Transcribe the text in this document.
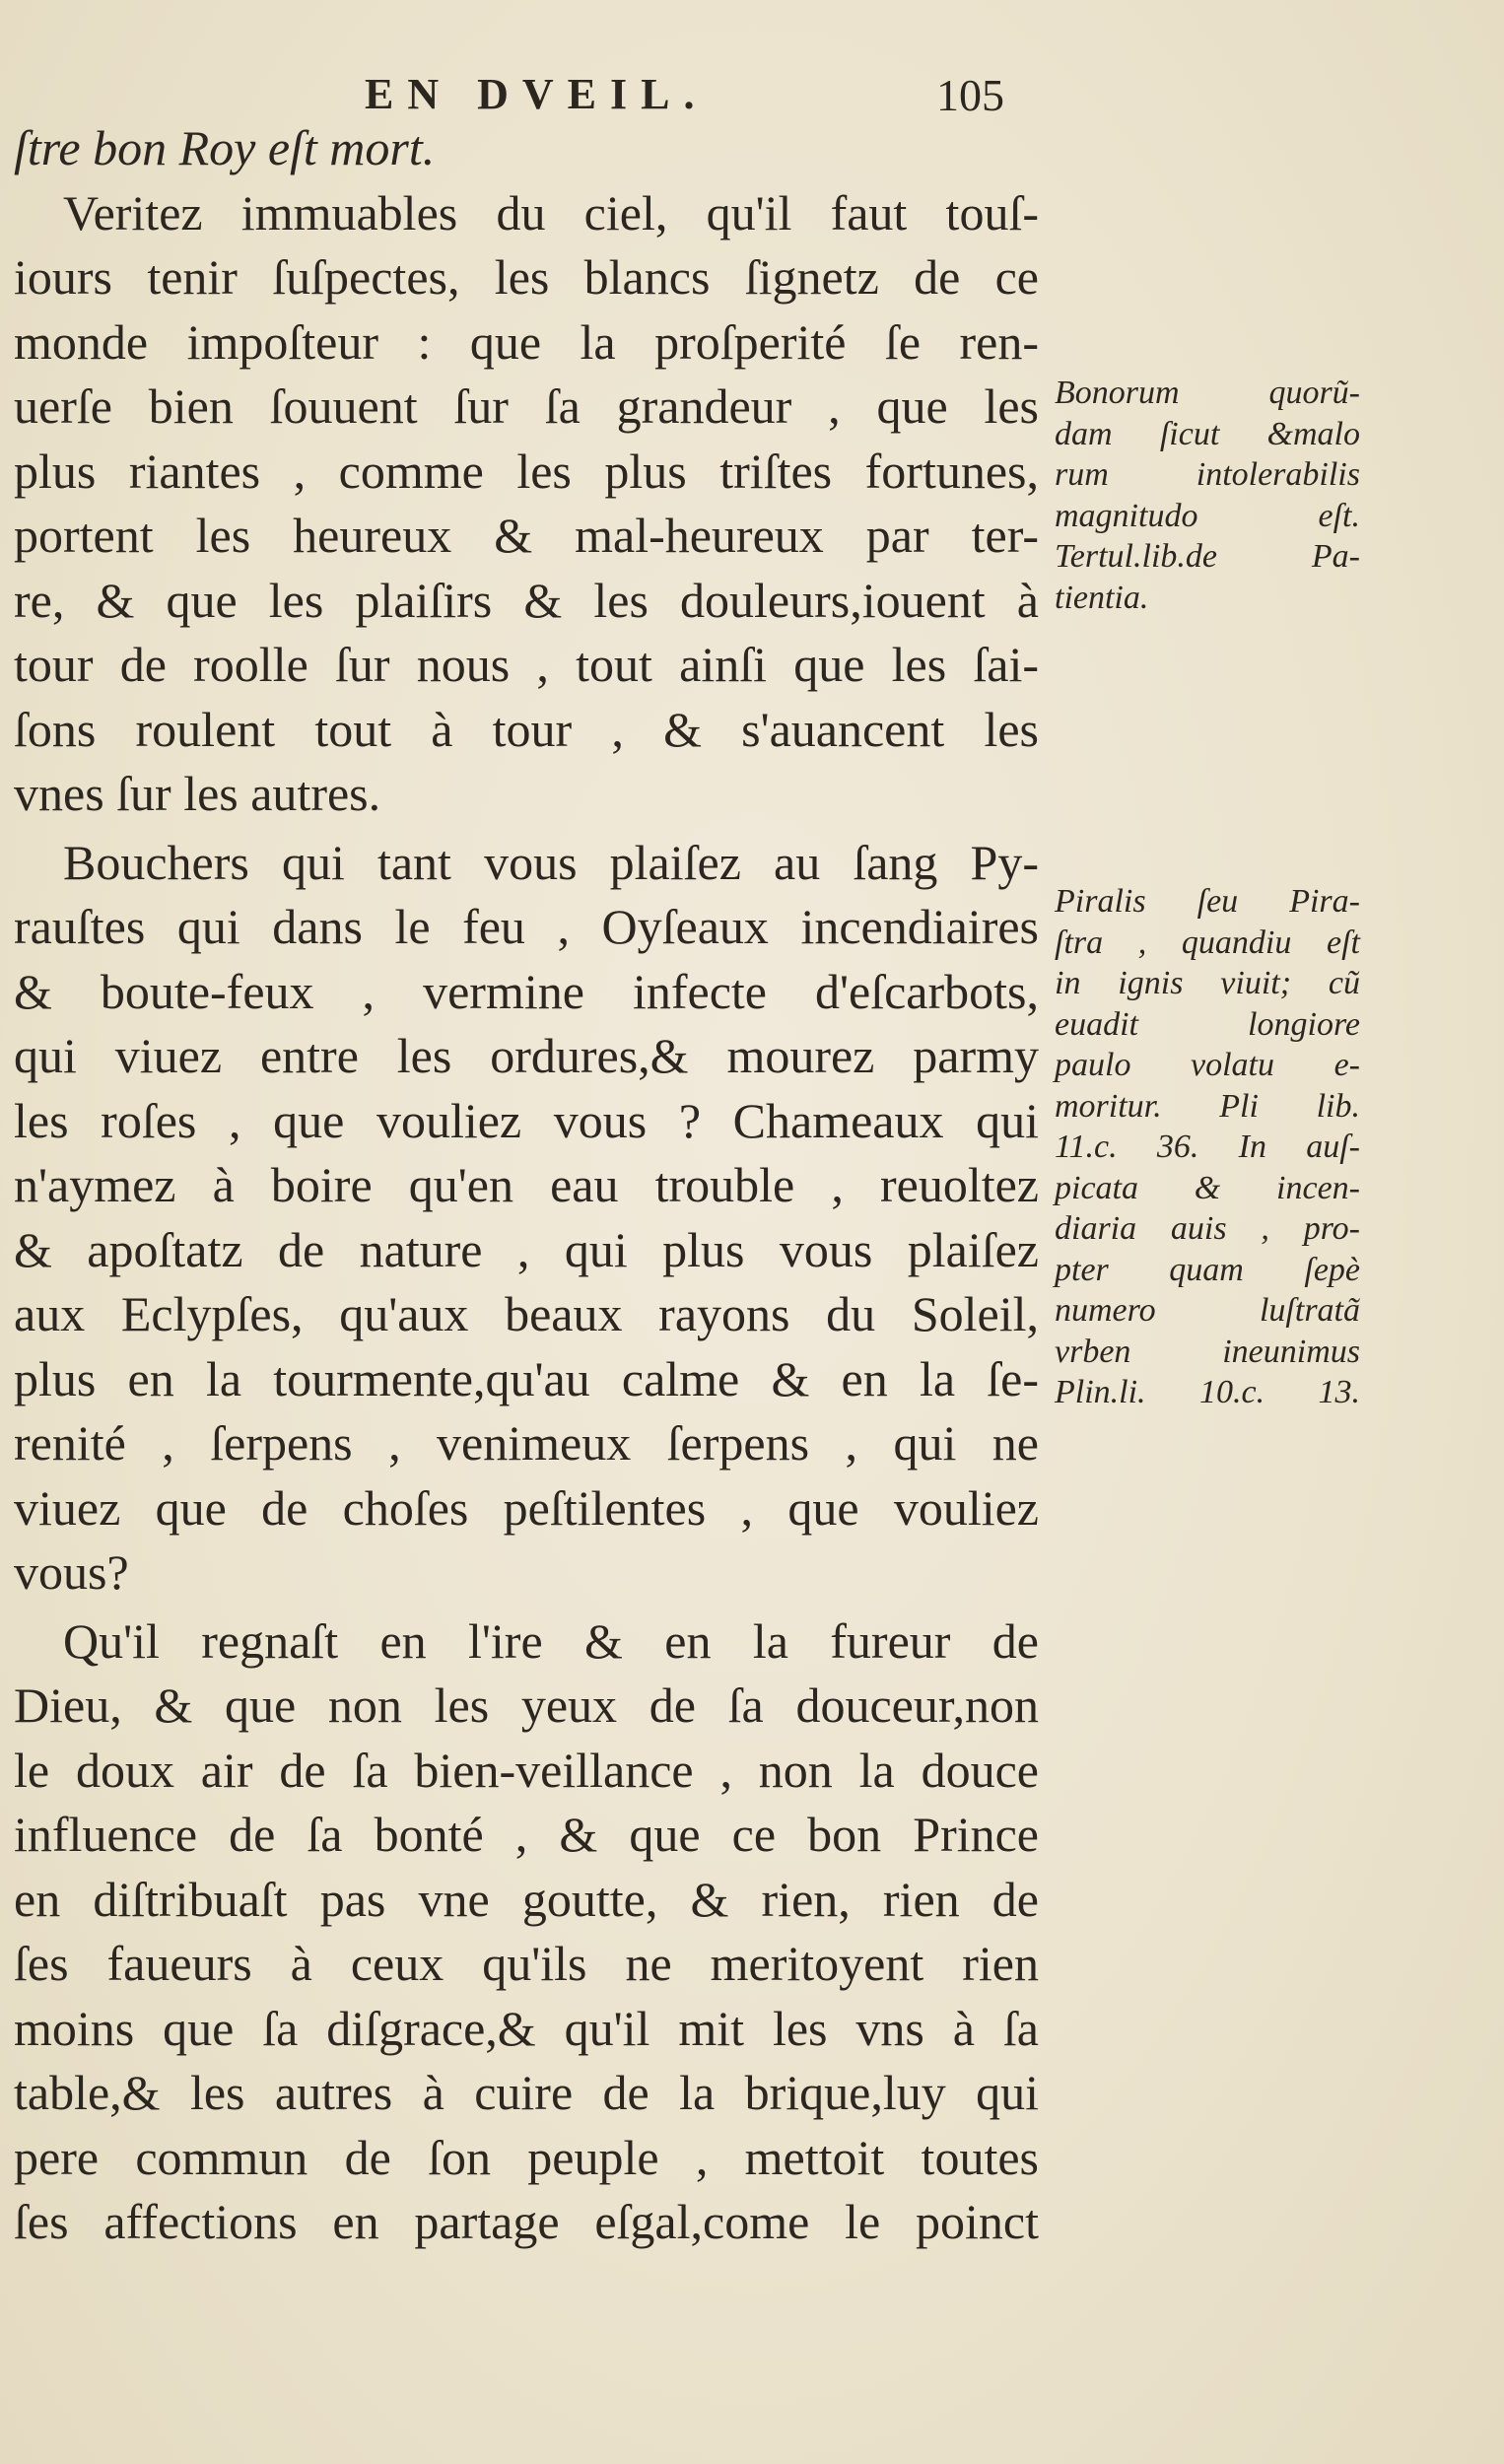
EN DVEIL.	105
ſtre bon Roy eſt mort.
Veritez immuables du ciel, qu'il faut touſ-
iours tenir ſuſpectes, les blancs ſignetz de ce
monde impoſteur : que la proſperité ſe ren-
uerſe bien ſouuent ſur ſa grandeur , que les
plus riantes , comme les plus triſtes fortunes,
portent les heureux & mal-heureux par ter-
re, & que les plaiſirs & les douleurs,iouent à
tour de roolle ſur nous , tout ainſi que les ſai-
ſons roulent tout à tour , & s'auancent les
vnes ſur les autres.
Bouchers qui tant vous plaiſez au ſang Py-
rauſtes qui dans le feu , Oyſeaux incendiaires
& boute-feux , vermine infecte d'eſcarbots,
qui viuez entre les ordures,& mourez parmy
les roſes , que vouliez vous ? Chameaux qui
n'aymez à boire qu'en eau trouble , reuoltez
& apoſtatz de nature , qui plus vous plaiſez
aux Eclypſes, qu'aux beaux rayons du Soleil,
plus en la tourmente,qu'au calme & en la ſe-
renité , ſerpens , venimeux ſerpens , qui ne
viuez que de choſes peſtilentes , que vouliez
vous?
Qu'il regnaſt en l'ire & en la fureur de
Dieu, & que non les yeux de ſa douceur,non
le doux air de ſa bien-veillance , non la douce
influence de ſa bonté , & que ce bon Prince
en diſtribuaſt pas vne goutte, & rien, rien de
ſes faueurs à ceux qu'ils ne meritoyent rien
moins que ſa diſgrace,& qu'il mit les vns à ſa
table,& les autres à cuire de la brique,luy qui
pere commun de ſon peuple , mettoit toutes
ſes affections en partage eſgal,come le poinct
Bonorum quorũ-
dam ſicut &malo
rum intolerabilis
magnitudo eſt.
Tertul.lib.de Pa-
tientia.
Piralis ſeu Pira-
ſtra , quandiu eſt
in ignis viuit; cũ
euadit longiore
paulo volatu e-
moritur. Pli lib.
11.c. 36. In auſ-
picata & incen-
diaria auis , pro-
pter quam ſepè
numero luſtratã
vrben ineunimus
Plin.li. 10.c. 13.
